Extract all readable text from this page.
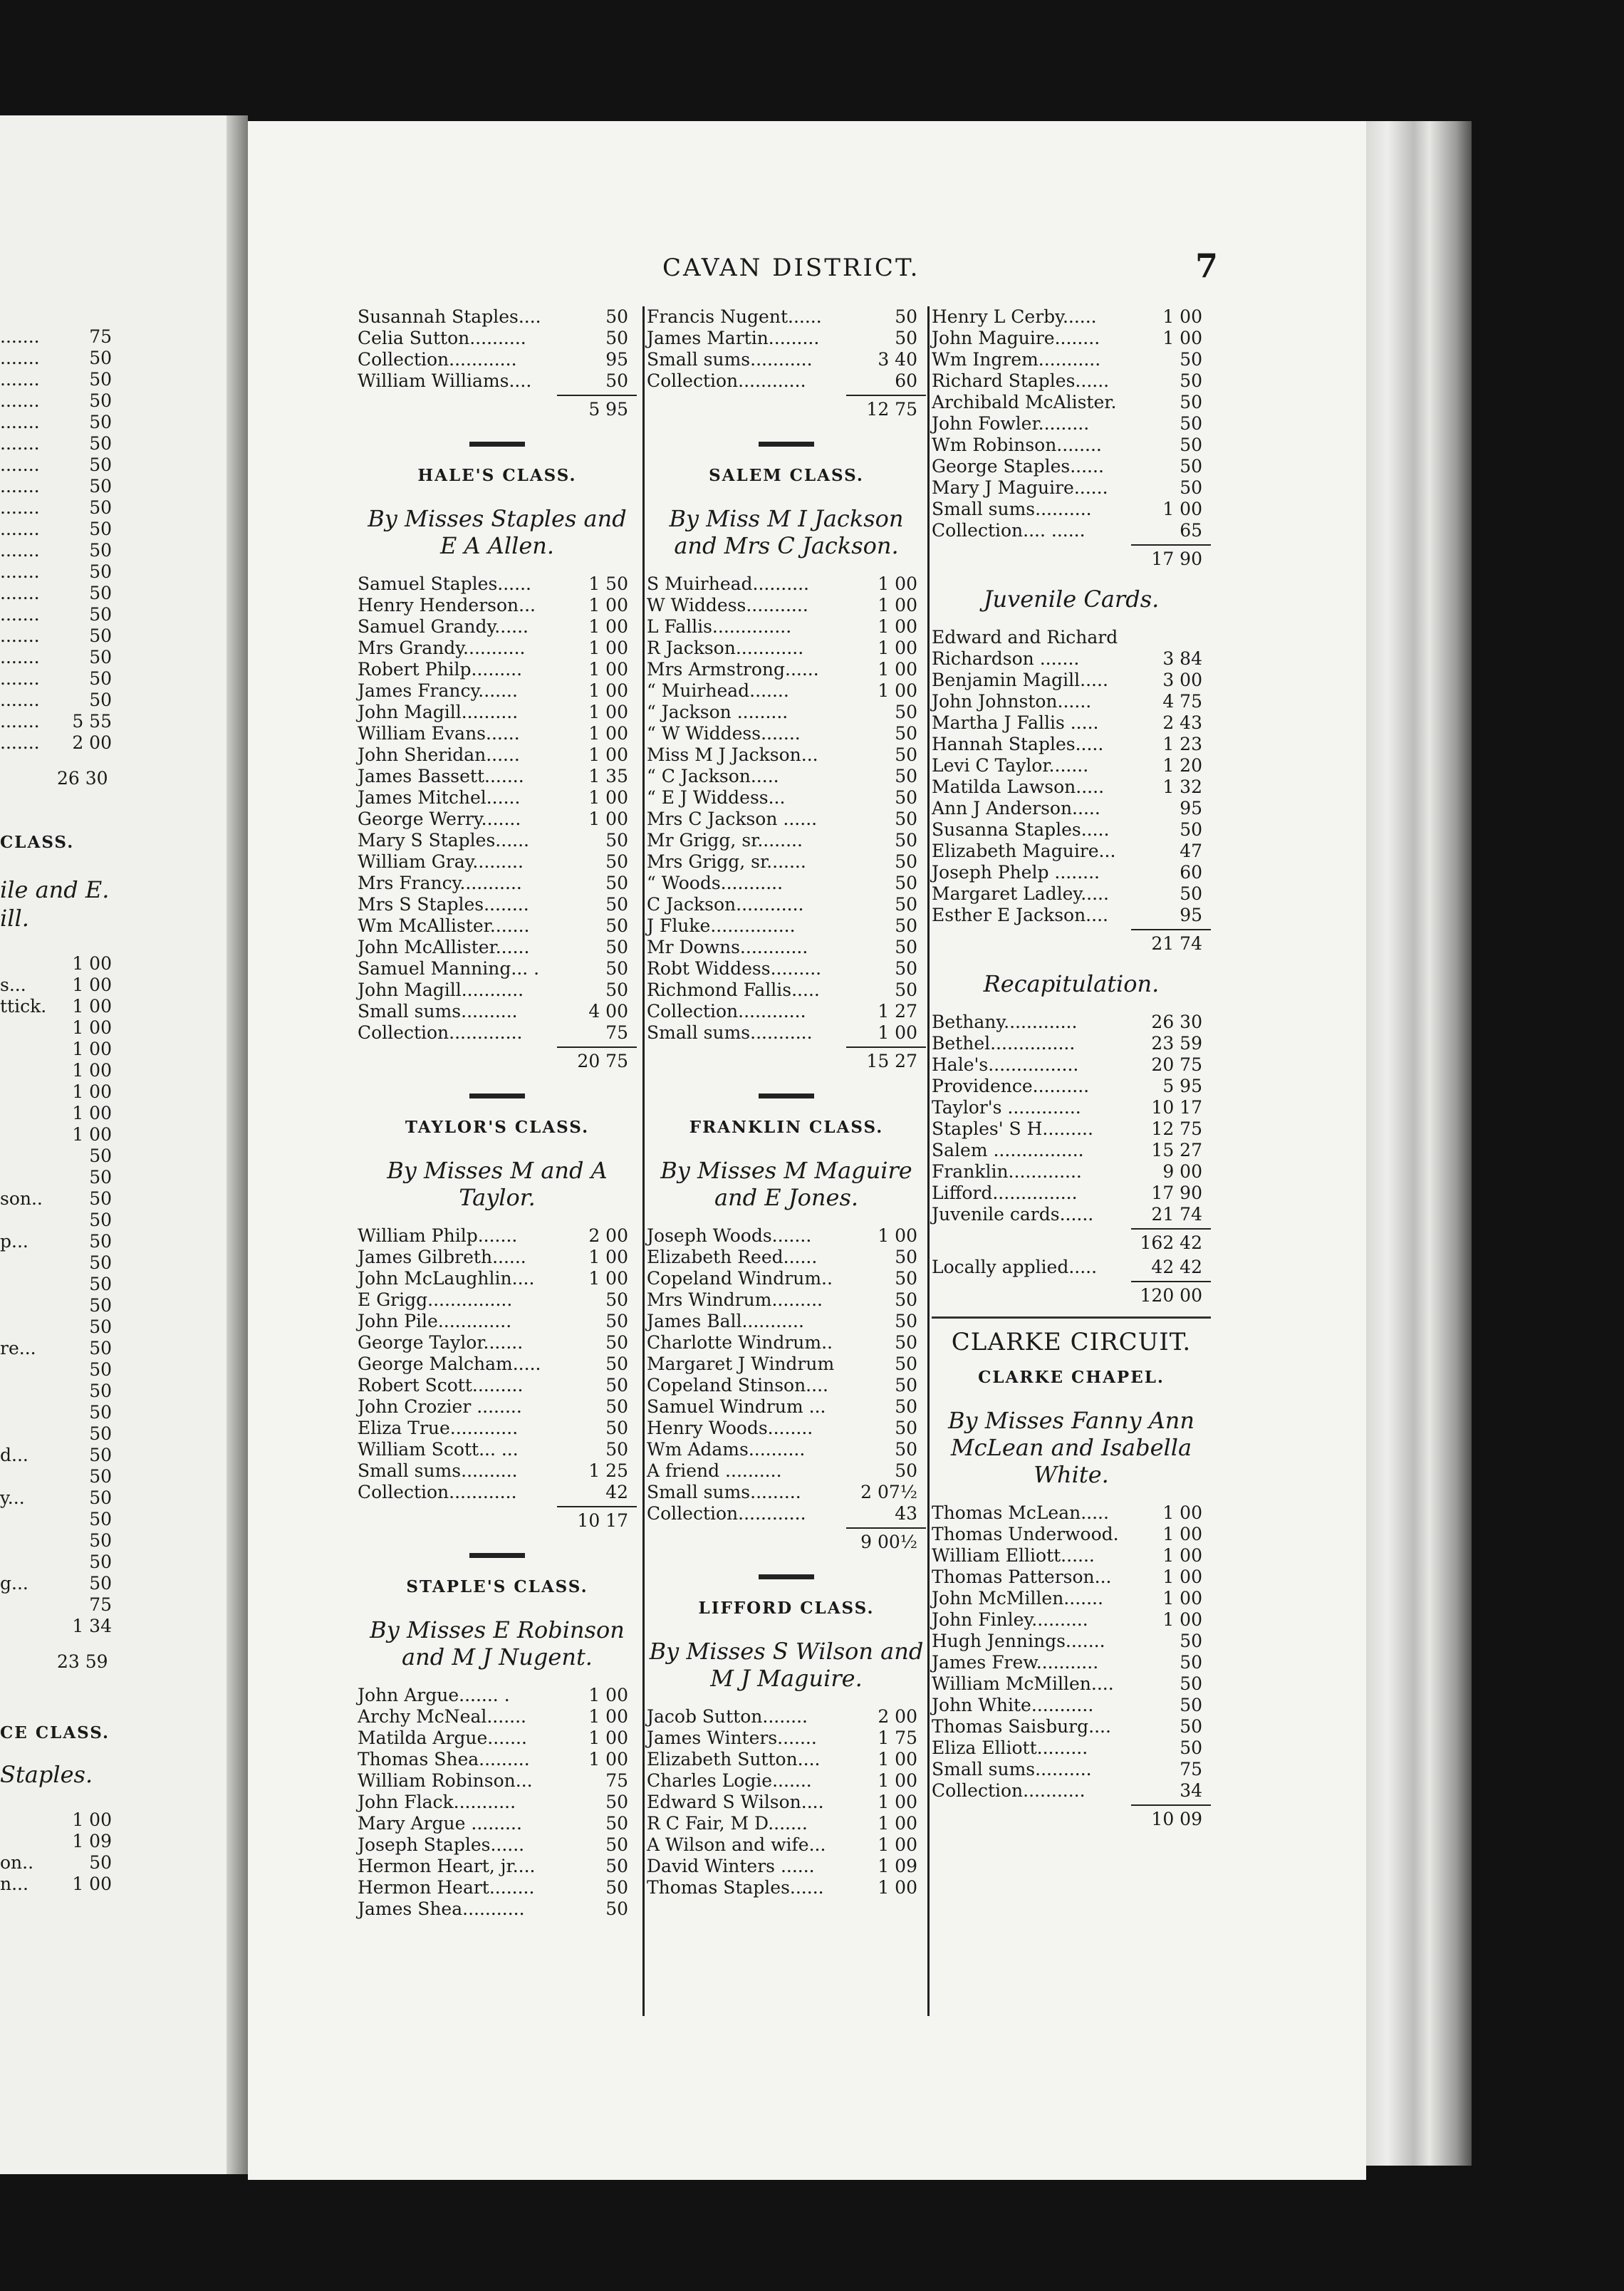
.......	75
.......	50
.......	50
.......	50
.......	50
.......	50
.......	50
.......	50
.......	50
.......	50
.......	50
.......	50
.......	50
.......	50
.......	50
.......	50
.......	50
.......	50
....... 5 55
....... 2 00
26 30
CLASS.
ile and E.
ill.
1 00
s...	1 00
ttick. 1 00
1 00
1 00
1 00
1 00
1 00
1 00
50
50
son..	50
50
p...	50
50
50
50
50
re...	50
50
50
50
50
d...	50
50
y...	50
50
50
50
g...	50
75
1 34
23 59
CE CLASS.
Staples.
1 00
1 09
on..	50
n... 1 00
CAVAN DISTRICT.	7
Susannah Staples....	50
Celia Sutton..........	50
Collection............	95
William Williams....	50
5 95
HALE'S CLASS.
By Misses Staples and E A Allen.
Samuel Staples......	1 50
Henry Henderson...	1 00
Samuel Grandy......	1 00
Mrs Grandy...........	1 00
Robert Philp.........	1 00
James Francy.......	1 00
John Magill..........	1 00
William Evans......	1 00
John Sheridan......	1 00
James Bassett.......	1 35
James Mitchel......	1 00
George Werry.......	1 00
Mary S Staples......	50
William Gray.........	50
Mrs Francy...........	50
Mrs S Staples........	50
Wm McAllister.......	50
John McAllister......	50
Samuel Manning... .	50
John Magill...........	50
Small sums..........	4 00
Collection.............	75
20 75
TAYLOR'S CLASS.
By Misses M and A Taylor.
William Philp.......	2 00
James Gilbreth......	1 00
John McLaughlin....	1 00
E Grigg...............	50
John Pile.............	50
George Taylor.......	50
George Malcham.....	50
Robert Scott.........	50
John Crozier ........	50
Eliza True............	50
William Scott... ...	50
Small sums..........	1 25
Collection............	42
10 17
STAPLE'S CLASS.
By Misses E Robinson and M J Nugent.
John Argue....... .	1 00
Archy McNeal.......	1 00
Matilda Argue.......	1 00
Thomas Shea.........	1 00
William Robinson...	75
John Flack...........	50
Mary Argue .........	50
Joseph Staples......	50
Hermon Heart, jr....	50
Hermon Heart........	50
James Shea...........	50
Francis Nugent......	50
James Martin.........	50
Small sums...........	3 40
Collection............	60
12 75
SALEM CLASS.
By Miss M I Jackson and Mrs C Jackson.
S Muirhead..........	1 00
W Widdess...........	1 00
L Fallis..............	1 00
R Jackson............	1 00
Mrs Armstrong......	1 00
“ Muirhead.......	1 00
“ Jackson .........	50
“ W Widdess.......	50
Miss M J Jackson...	50
“ C Jackson.....	50
“ E J Widdess...	50
Mrs C Jackson ......	50
Mr Grigg, sr........	50
Mrs Grigg, sr.......	50
“ Woods...........	50
C Jackson............	50
J Fluke...............	50
Mr Downs............	50
Robt Widdess.........	50
Richmond Fallis.....	50
Collection............	1 27
Small sums...........	1 00
15 27
FRANKLIN CLASS.
By Misses M Maguire and E Jones.
Joseph Woods.......	1 00
Elizabeth Reed......	50
Copeland Windrum..	50
Mrs Windrum.........	50
James Ball...........	50
Charlotte Windrum..	50
Margaret J Windrum	50
Copeland Stinson....	50
Samuel Windrum ...	50
Henry Woods........	50
Wm Adams..........	50
A friend ..........	50
Small sums.........	2 07½
Collection............	43
9 00½
LIFFORD CLASS.
By Misses S Wilson and M J Maguire.
Jacob Sutton........	2 00
James Winters.......	1 75
Elizabeth Sutton....	1 00
Charles Logie.......	1 00
Edward S Wilson....	1 00
R C Fair, M D.......	1 00
A Wilson and wife...	1 00
David Winters ......	1 09
Thomas Staples......	1 00
Henry L Cerby......	1 00
John Maguire........	1 00
Wm Ingrem...........	50
Richard Staples......	50
Archibald McAlister.	50
John Fowler.........	50
Wm Robinson........	50
George Staples......	50
Mary J Maguire......	50
Small sums..........	1 00
Collection.... ......	65
17 90
Juvenile Cards.
Edward and Richard
Richardson .......	3 84
Benjamin Magill.....	3 00
John Johnston......	4 75
Martha J Fallis .....	2 43
Hannah Staples.....	1 23
Levi C Taylor.......	1 20
Matilda Lawson.....	1 32
Ann J Anderson.....	95
Susanna Staples.....	50
Elizabeth Maguire...	47
Joseph Phelp ........	60
Margaret Ladley.....	50
Esther E Jackson....	95
21 74
Recapitulation.
Bethany.............	26 30
Bethel...............	23 59
Hale's................	20 75
Providence..........	5 95
Taylor's .............	10 17
Staples' S H.........	12 75
Salem ................	15 27
Franklin.............	9 00
Lifford...............	17 90
Juvenile cards......	21 74
162 42
Locally applied.....	42 42
120 00
CLARKE CIRCUIT.
CLARKE CHAPEL.
By Misses Fanny Ann McLean and Isabella White.
Thomas McLean.....	1 00
Thomas Underwood. 1 00
William Elliott......	1 00
Thomas Patterson...	1 00
John McMillen.......	1 00
John Finley..........	1 00
Hugh Jennings.......	50
James Frew...........	50
William McMillen....	50
John White...........	50
Thomas Saisburg....	50
Eliza Elliott.........	50
Small sums..........	75
Collection...........	34
10 09
